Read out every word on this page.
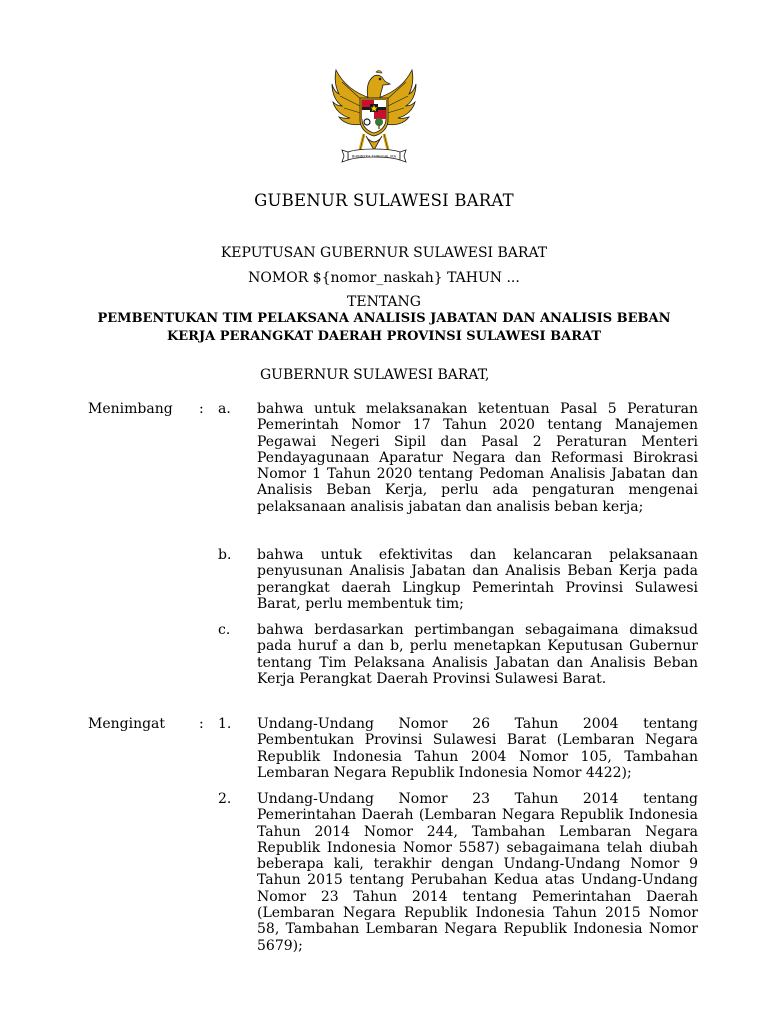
BHINNEKA TUNGGAL IKA
GUBENUR SULAWESI BARAT
KEPUTUSAN GUBERNUR SULAWESI BARAT
NOMOR ${nomor_naskah} TAHUN ...
TENTANG
PEMBENTUKAN TIM PELAKSANA ANALISIS JABATAN DAN ANALISIS BEBAN
KERJA PERANGKAT DAERAH PROVINSI SULAWESI BARAT
GUBERNUR SULAWESI BARAT,
Menimbang : a. bahwa untuk melaksanakan ketentuan Pasal 5 Peraturan Pemerintah Nomor 17 Tahun 2020 tentang Manajemen Pegawai Negeri Sipil dan Pasal 2 Peraturan Menteri Pendayagunaan Aparatur Negara dan Reformasi Birokrasi Nomor 1 Tahun 2020 tentang Pedoman Analisis Jabatan dan Analisis Beban Kerja, perlu ada pengaturan mengenai pelaksanaan analisis jabatan dan analisis beban kerja;
b. bahwa untuk efektivitas dan kelancaran pelaksanaan penyusunan Analisis Jabatan dan Analisis Beban Kerja pada perangkat daerah Lingkup Pemerintah Provinsi Sulawesi Barat, perlu membentuk tim;
c. bahwa berdasarkan pertimbangan sebagaimana dimaksud pada huruf a dan b, perlu menetapkan Keputusan Gubernur tentang Tim Pelaksana Analisis Jabatan dan Analisis Beban Kerja Perangkat Daerah Provinsi Sulawesi Barat.
Mengingat : 1. Undang-Undang Nomor 26 Tahun 2004 tentang Pembentukan Provinsi Sulawesi Barat (Lembaran Negara Republik Indonesia Tahun 2004 Nomor 105, Tambahan Lembaran Negara Republik Indonesia Nomor 4422);
2. Undang-Undang Nomor 23 Tahun 2014 tentang Pemerintahan Daerah (Lembaran Negara Republik Indonesia Tahun 2014 Nomor 244, Tambahan Lembaran Negara Republik Indonesia Nomor 5587) sebagaimana telah diubah beberapa kali, terakhir dengan Undang-Undang Nomor 9 Tahun 2015 tentang Perubahan Kedua atas Undang-Undang Nomor 23 Tahun 2014 tentang Pemerintahan Daerah (Lembaran Negara Republik Indonesia Tahun 2015 Nomor 58, Tambahan Lembaran Negara Republik Indonesia Nomor 5679);
